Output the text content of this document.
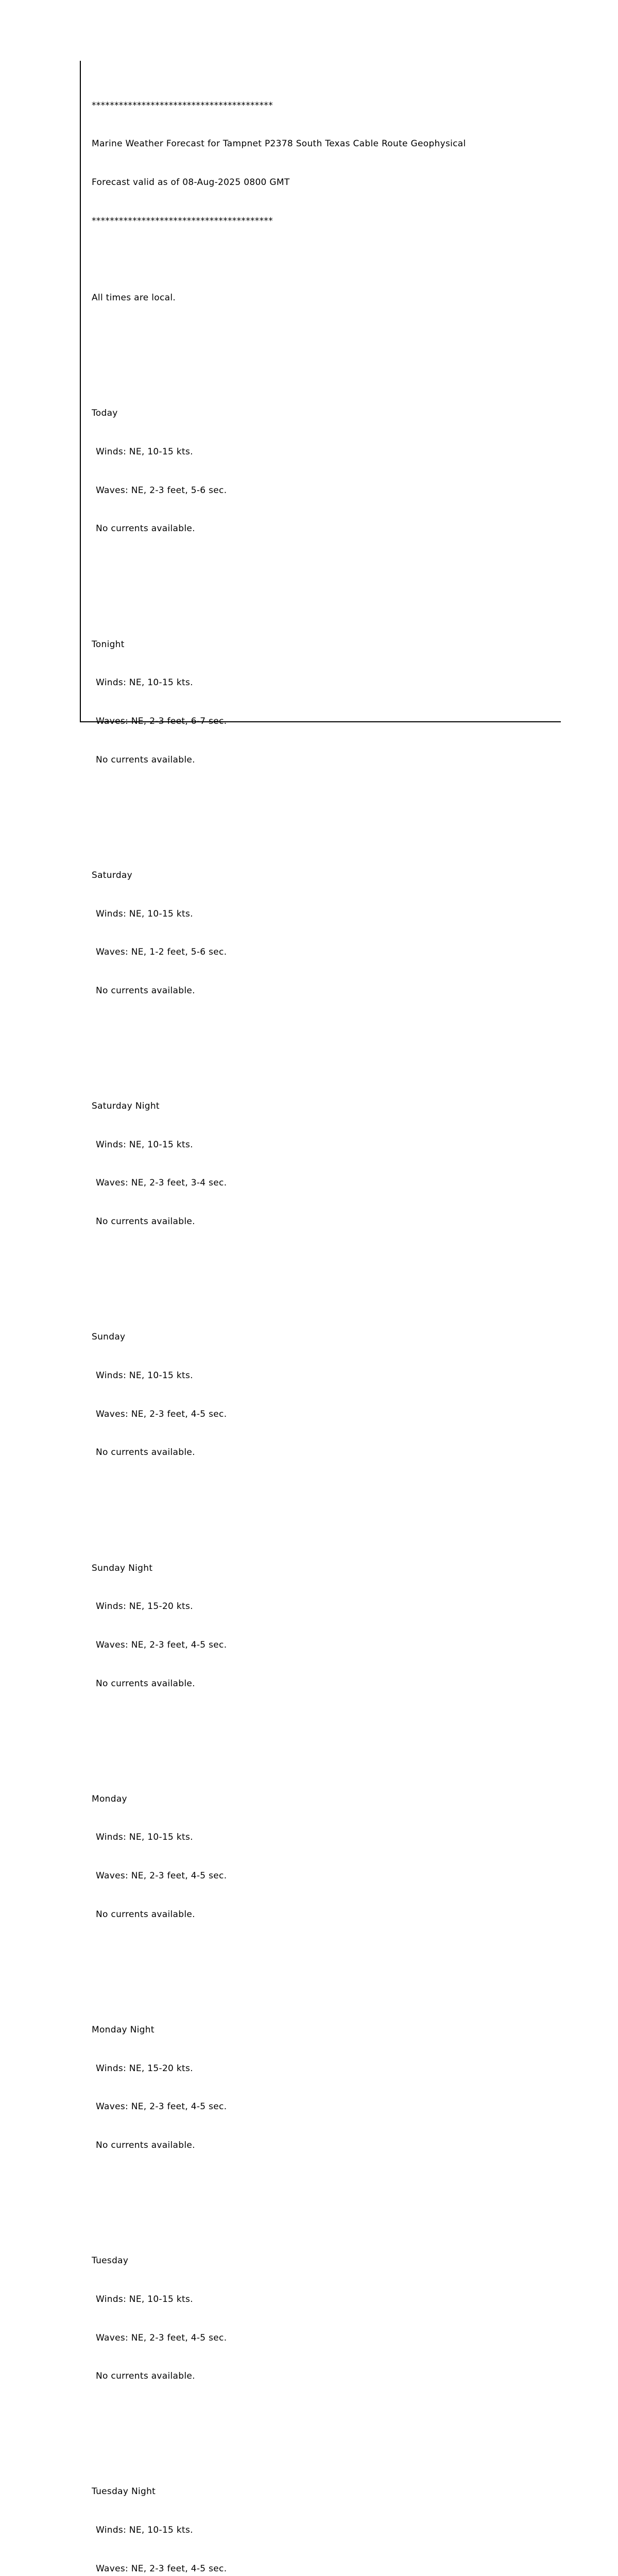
****************************************

Marine Weather Forecast for Tampnet P2378 South Texas Cable Route Geophysical

Forecast valid as of 08-Aug-2025 0800 GMT

****************************************

All times are local.

Today

Winds: NE, 10-15 kts.

Waves: NE, 2-3 feet, 5-6 sec.

No currents available.

Tonight

Winds: NE, 10-15 kts.

Waves: NE, 2-3 feet, 6-7 sec.

No currents available.

Saturday

Winds: NE, 10-15 kts.

Waves: NE, 1-2 feet, 5-6 sec.

No currents available.

Saturday Night

Winds: NE, 10-15 kts.

Waves: NE, 2-3 feet, 3-4 sec.

No currents available.

Sunday

Winds: NE, 10-15 kts.

Waves: NE, 2-3 feet, 4-5 sec.

No currents available.

Sunday Night

Winds: NE, 15-20 kts.

Waves: NE, 2-3 feet, 4-5 sec.

No currents available.

Monday

Winds: NE, 10-15 kts.

Waves: NE, 2-3 feet, 4-5 sec.

No currents available.

Monday Night

Winds: NE, 15-20 kts.

Waves: NE, 2-3 feet, 4-5 sec.

No currents available.

Tuesday

Winds: NE, 10-15 kts.

Waves: NE, 2-3 feet, 4-5 sec.

No currents available.

Tuesday Night

Winds: NE, 10-15 kts.

Waves: NE, 2-3 feet, 4-5 sec.
